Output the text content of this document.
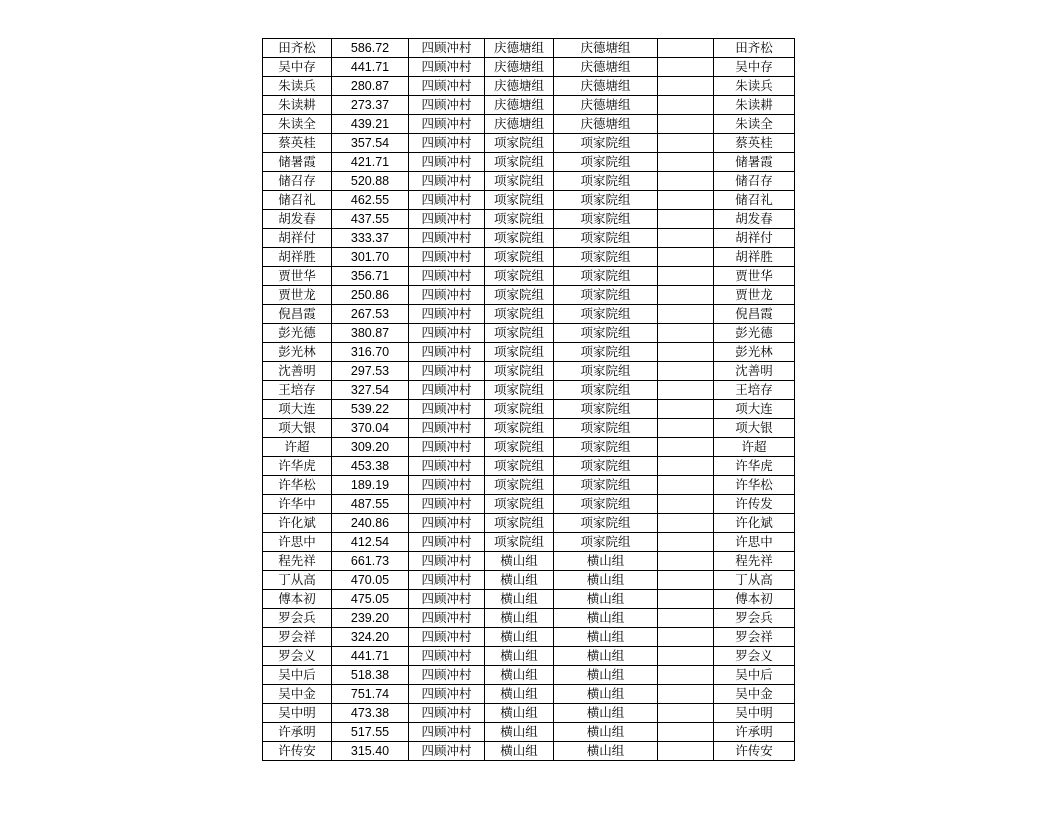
田齐松	586.72	四顾冲村	庆德塘组	庆德塘组		田齐松
吴中存	441.71	四顾冲村	庆德塘组	庆德塘组		吴中存
朱读兵	280.87	四顾冲村	庆德塘组	庆德塘组		朱读兵
朱读耕	273.37	四顾冲村	庆德塘组	庆德塘组		朱读耕
朱读全	439.21	四顾冲村	庆德塘组	庆德塘组		朱读全
蔡英桂	357.54	四顾冲村	项家院组	项家院组		蔡英桂
储暑霞	421.71	四顾冲村	项家院组	项家院组		储暑霞
储召存	520.88	四顾冲村	项家院组	项家院组		储召存
储召礼	462.55	四顾冲村	项家院组	项家院组		储召礼
胡发春	437.55	四顾冲村	项家院组	项家院组		胡发春
胡祥付	333.37	四顾冲村	项家院组	项家院组		胡祥付
胡祥胜	301.70	四顾冲村	项家院组	项家院组		胡祥胜
贾世华	356.71	四顾冲村	项家院组	项家院组		贾世华
贾世龙	250.86	四顾冲村	项家院组	项家院组		贾世龙
倪昌霞	267.53	四顾冲村	项家院组	项家院组		倪昌霞
彭光德	380.87	四顾冲村	项家院组	项家院组		彭光德
彭光林	316.70	四顾冲村	项家院组	项家院组		彭光林
沈善明	297.53	四顾冲村	项家院组	项家院组		沈善明
王培存	327.54	四顾冲村	项家院组	项家院组		王培存
项大连	539.22	四顾冲村	项家院组	项家院组		项大连
项大银	370.04	四顾冲村	项家院组	项家院组		项大银
许超	309.20	四顾冲村	项家院组	项家院组		许超
许华虎	453.38	四顾冲村	项家院组	项家院组		许华虎
许华松	189.19	四顾冲村	项家院组	项家院组		许华松
许华中	487.55	四顾冲村	项家院组	项家院组		许传发
许化斌	240.86	四顾冲村	项家院组	项家院组		许化斌
许思中	412.54	四顾冲村	项家院组	项家院组		许思中
程先祥	661.73	四顾冲村	横山组	横山组		程先祥
丁从高	470.05	四顾冲村	横山组	横山组		丁从高
傅本初	475.05	四顾冲村	横山组	横山组		傅本初
罗会兵	239.20	四顾冲村	横山组	横山组		罗会兵
罗会祥	324.20	四顾冲村	横山组	横山组		罗会祥
罗会义	441.71	四顾冲村	横山组	横山组		罗会义
吴中后	518.38	四顾冲村	横山组	横山组		吴中后
吴中金	751.74	四顾冲村	横山组	横山组		吴中金
吴中明	473.38	四顾冲村	横山组	横山组		吴中明
许承明	517.55	四顾冲村	横山组	横山组		许承明
许传安	315.40	四顾冲村	横山组	横山组		许传安
